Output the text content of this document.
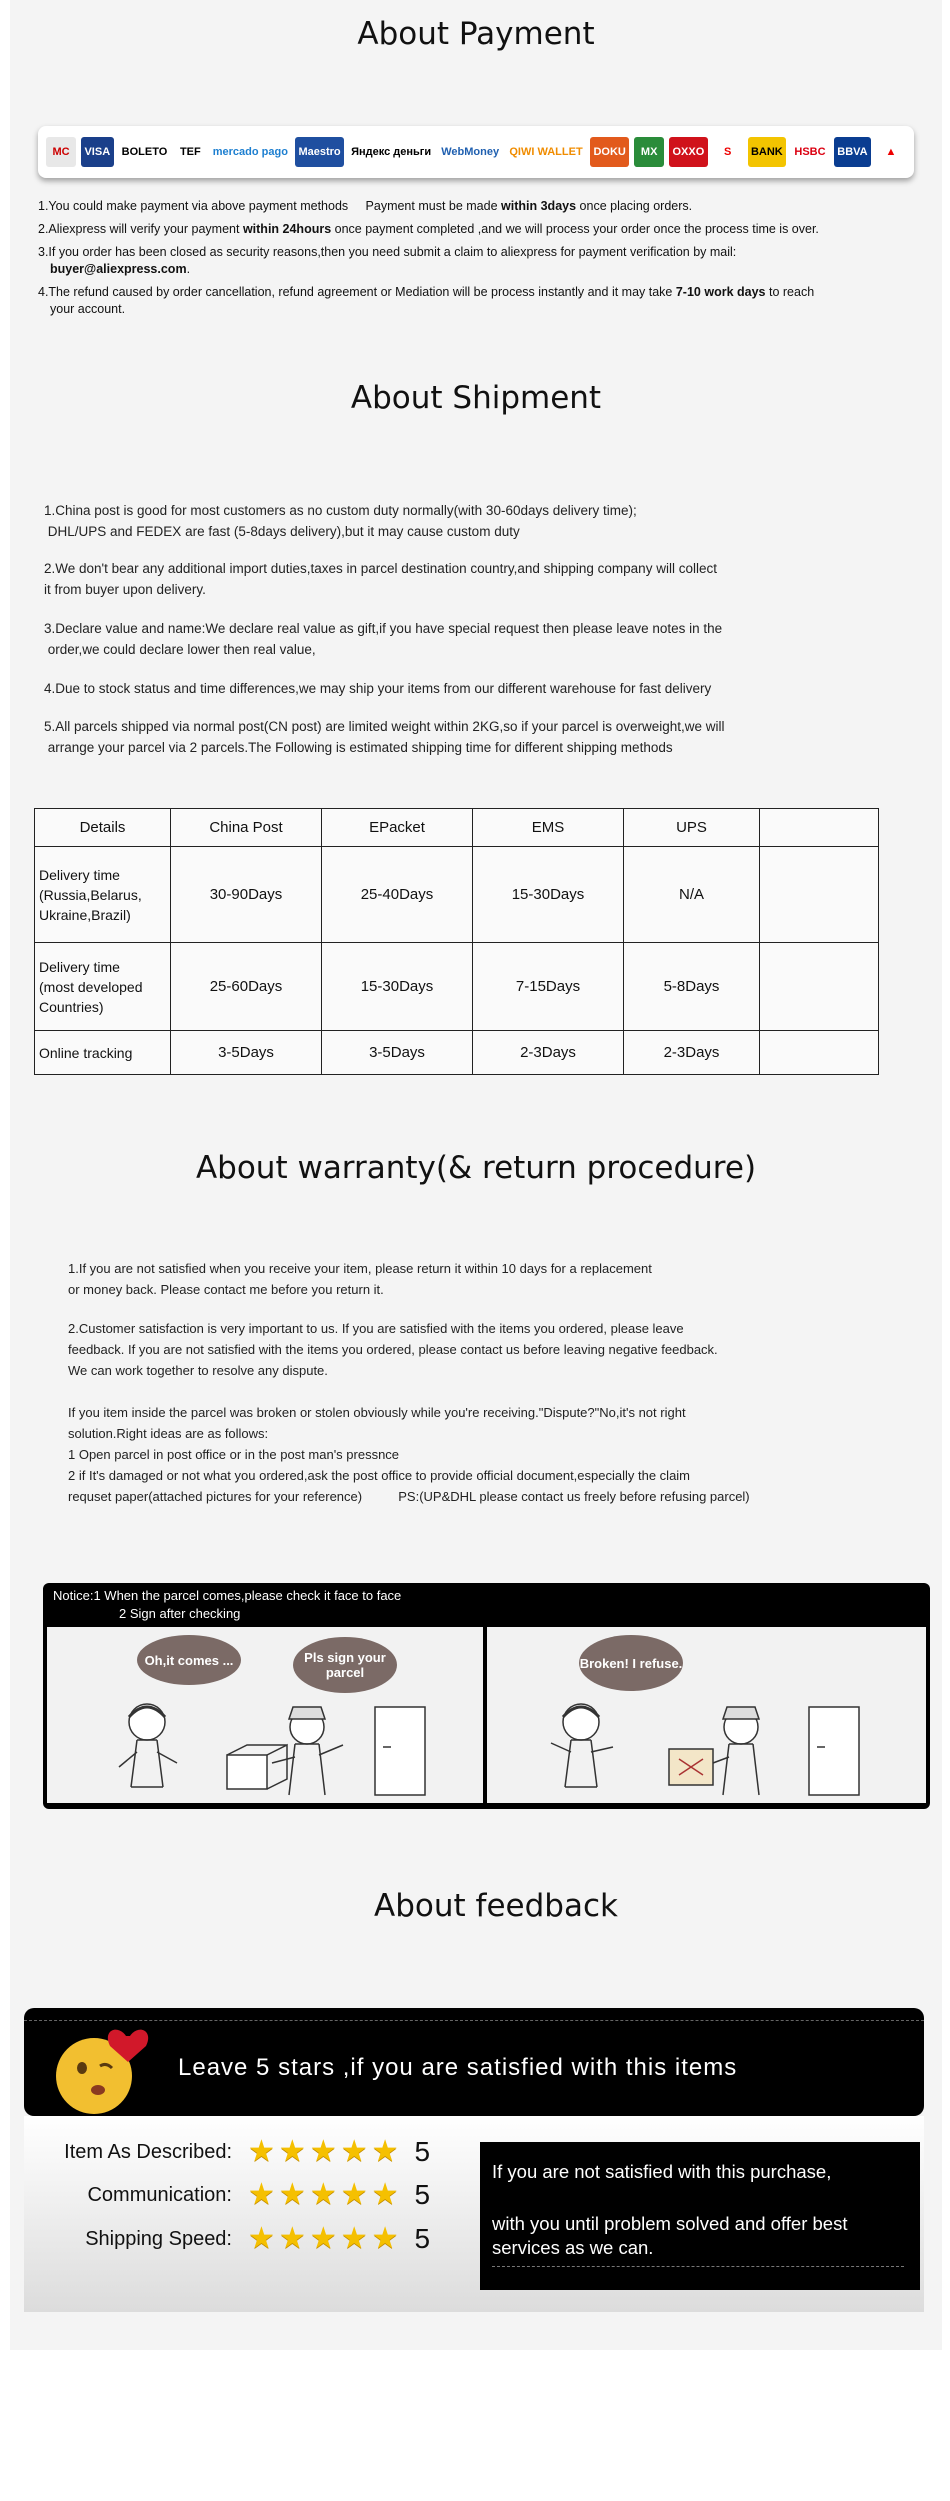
About Payment
MC	VISA	BOLETO	TEF	mercado pago Maestro Яндекс деньги WebMoney QIWI WALLET DOKU	MX	OXXO	S	BANK	HSBC	BBVA	▲
1.You could make payment via above payment methods Payment must be made within 3days once placing orders.
2.Aliexpress will verify your payment within 24hours once payment completed ,and we will process your order once the process time is over.
3.If you order has been closed as security reasons,then you need submit a claim to aliexpress for payment verification by mail:
buyer@aliexpress.com.
4.The refund caused by order cancellation, refund agreement or Mediation will be process instantly and it may take 7-10 work days to reach
your account.
About Shipment
1.China post is good for most customers as no custom duty normally(with 30-60days delivery time);
DHL/UPS and FEDEX are fast (5-8days delivery),but it may cause custom duty
2.We don't bear any additional import duties,taxes in parcel destination country,and shipping company will collect
it from buyer upon delivery.
3.Declare value and name:We declare real value as gift,if you have special request then please leave notes in the
order,we could declare lower then real value,
4.Due to stock status and time differences,we may ship your items from our different warehouse for fast delivery
5.All parcels shipped via normal post(CN post) are limited weight within 2KG,so if your parcel is overweight,we will
arrange your parcel via 2 parcels.The Following is estimated shipping time for different shipping methods
Details	China Post	EPacket	EMS	UPS	
Delivery time
(Russia,Belarus,
Ukraine,Brazil)	30-90Days	25-40Days	15-30Days	N/A	
Delivery time
(most developed
Countries)	25-60Days	15-30Days	7-15Days	5-8Days	
Online tracking	3-5Days	3-5Days	2-3Days	2-3Days	
About warranty(& return procedure)
1.If you are not satisfied when you receive your item, please return it within 10 days for a replacement
or money back. Please contact me before you return it.
2.Customer satisfaction is very important to us. If you are satisfied with the items you ordered, please leave
feedback. If you are not satisfied with the items you ordered, please contact us before leaving negative feedback.
We can work together to resolve any dispute.
If you item inside the parcel was broken or stolen obviously while you're receiving."Dispute?"No,it's not right
solution.Right ideas are as follows:
1 Open parcel in post office or in the post man's pressnce
2 if It's damaged or not what you ordered,ask the post office to provide official document,especially the claim
requset paper(attached pictures for your reference)	PS:(UP&DHL please contact us freely before refusing parcel)
Notice:1 When the parcel comes,please check it face to face
2 Sign after checking
Oh,it comes ...	Pls sign your parcel
Broken! I refuse.
About feedback
Leave 5 stars ,if you are satisfied with this items
Item As Described: ★ ★ ★ ★ ★ 5
Communication: ★ ★ ★ ★ ★ 5
Shipping Speed: ★ ★ ★ ★ ★ 5
If you are not satisfied with this purchase,
with you until problem solved and offer best
services as we can.
